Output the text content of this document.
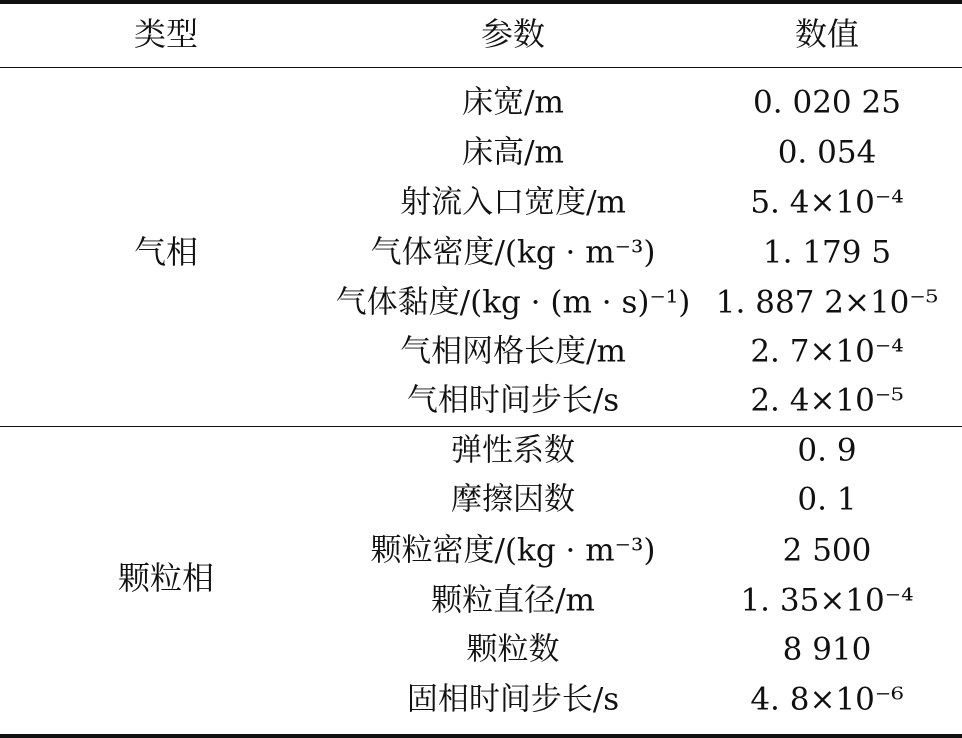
类型	参数	数值
气相
床宽/m	0. 020 25
床高/m	0. 054
射流入口宽度/m	5. 4×10⁻⁴
气体密度/(kg · m⁻³)	1. 179 5
气体黏度/(kg · (m · s)⁻¹) 1. 887 2×10⁻⁵
气相网格长度/m	2. 7×10⁻⁴
气相时间步长/s	2. 4×10⁻⁵
颗粒相
弹性系数	0. 9
摩擦因数	0. 1
颗粒密度/(kg · m⁻³)	2 500
颗粒直径/m	1. 35×10⁻⁴
颗粒数	8 910
固相时间步长/s	4. 8×10⁻⁶
